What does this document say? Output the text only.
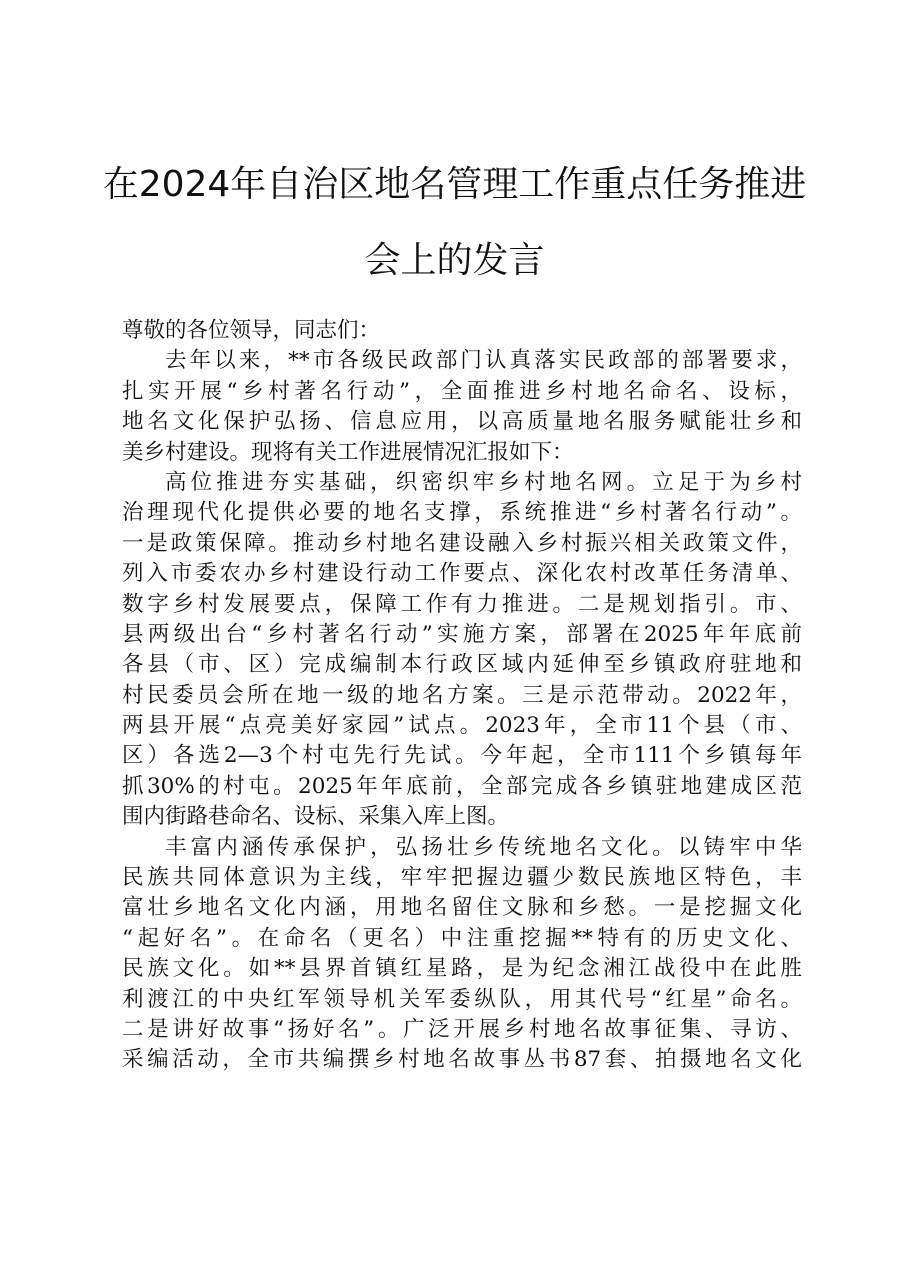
在2024年自治区地名管理工作重点任务推进
会上的发言
尊敬的各位领导，同志们：
去年以来，**市各级民政部门认真落实民政部的部署要求，
扎实开展“乡村著名行动”，全面推进乡村地名命名、设标，
地名文化保护弘扬、信息应用，以高质量地名服务赋能壮乡和
美乡村建设。现将有关工作进展情况汇报如下：
高位推进夯实基础，织密织牢乡村地名网。立足于为乡村
治理现代化提供必要的地名支撑，系统推进“乡村著名行动”。
一是政策保障。推动乡村地名建设融入乡村振兴相关政策文件，
列入市委农办乡村建设行动工作要点、深化农村改革任务清单、
数字乡村发展要点，保障工作有力推进。二是规划指引。市、
县两级出台“乡村著名行动”实施方案，部署在2025年年底前
各县（市、区）完成编制本行政区域内延伸至乡镇政府驻地和
村民委员会所在地一级的地名方案。三是示范带动。2022年，
两县开展“点亮美好家园”试点。2023年，全市11个县（市、
区）各选2—3个村屯先行先试。今年起，全市111个乡镇每年
抓30%的村屯。2025年年底前，全部完成各乡镇驻地建成区范
围内街路巷命名、设标、采集入库上图。
丰富内涵传承保护，弘扬壮乡传统地名文化。以铸牢中华
民族共同体意识为主线，牢牢把握边疆少数民族地区特色，丰
富壮乡地名文化内涵，用地名留住文脉和乡愁。一是挖掘文化
“起好名”。在命名（更名）中注重挖掘**特有的历史文化、
民族文化。如**县界首镇红星路，是为纪念湘江战役中在此胜
利渡江的中央红军领导机关军委纵队，用其代号“红星”命名。
二是讲好故事“扬好名”。广泛开展乡村地名故事征集、寻访、
采编活动，全市共编撰乡村地名故事丛书87套、拍摄地名文化
